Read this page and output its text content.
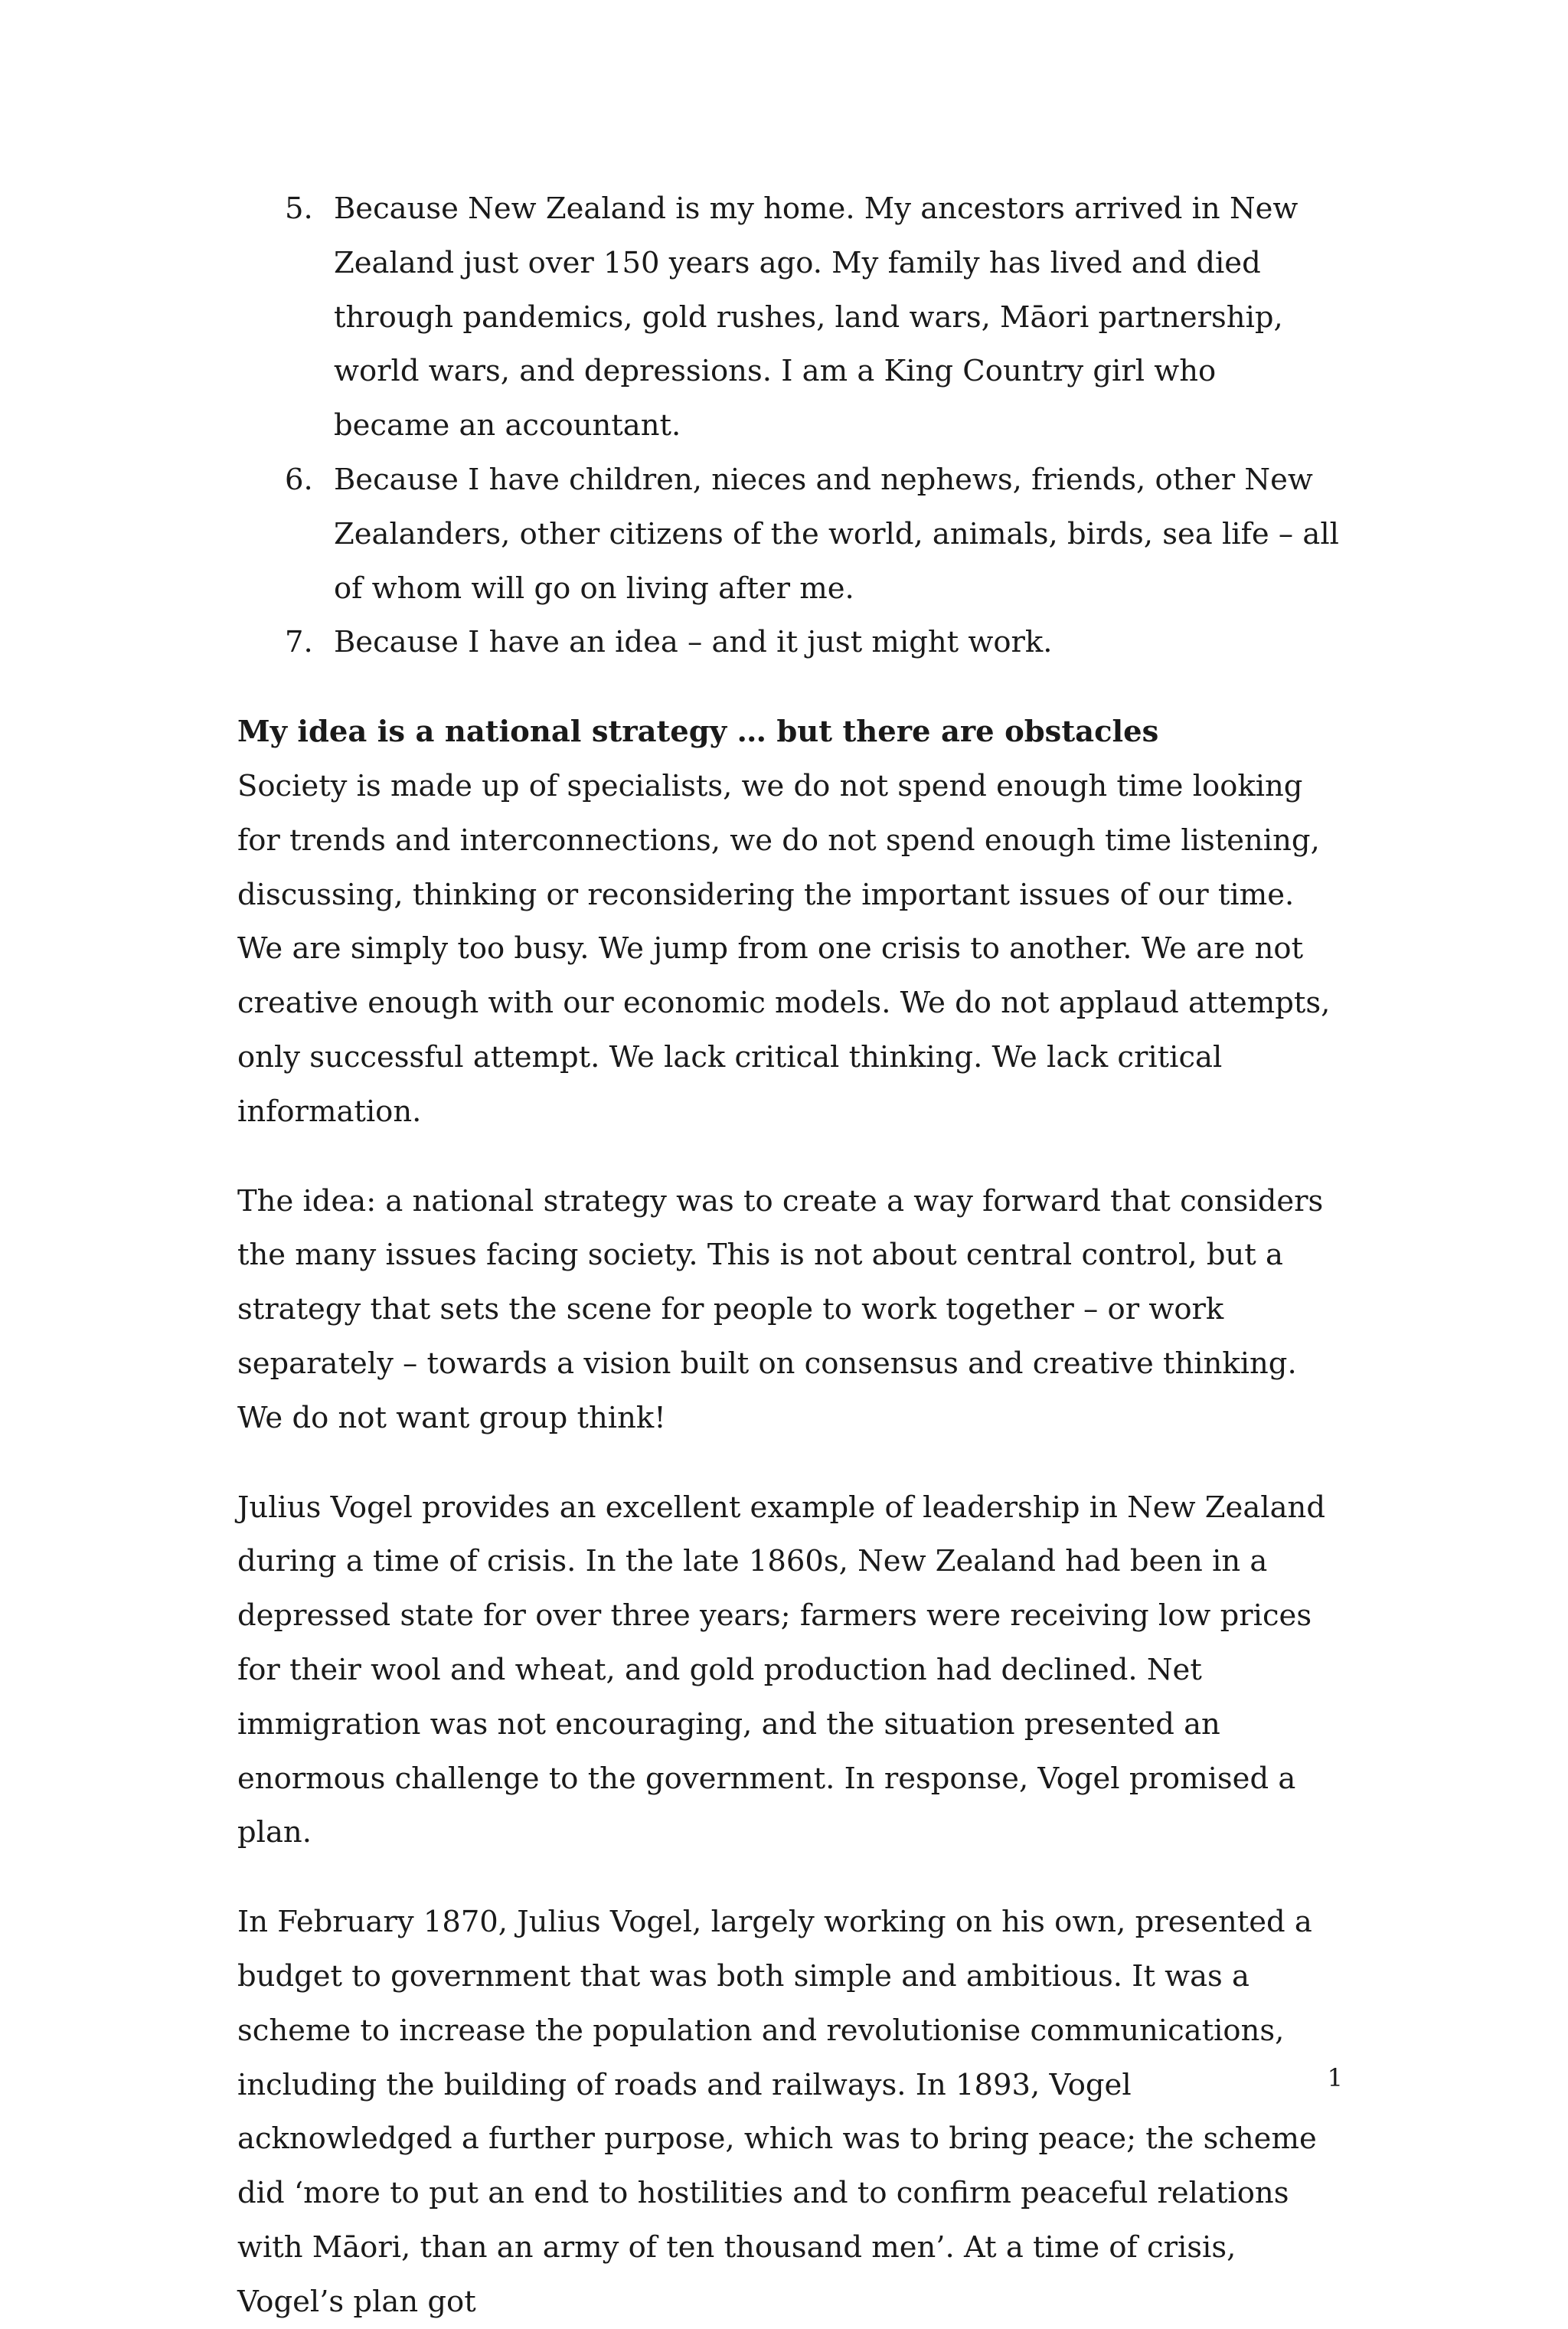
5. Because New Zealand is my home. My ancestors arrived in New Zealand just over 150 years ago. My family has lived and died through pandemics, gold rushes, land wars, Māori partnership, world wars, and depressions. I am a King Country girl who became an accountant.
6. Because I have children, nieces and nephews, friends, other New Zealanders, other citizens of the world, animals, birds, sea life – all of whom will go on living after me.
7. Because I have an idea – and it just might work.
My idea is a national strategy … but there are obstacles

Society is made up of specialists, we do not spend enough time looking for trends and interconnections, we do not spend enough time listening, discussing, thinking or reconsidering the important issues of our time. We are simply too busy. We jump from one crisis to another. We are not creative enough with our economic models. We do not applaud attempts, only successful attempt. We lack critical thinking. We lack critical information.

The idea: a national strategy was to create a way forward that considers the many issues facing society. This is not about central control, but a strategy that sets the scene for people to work together – or work separately – towards a vision built on consensus and creative thinking. We do not want group think!

Julius Vogel provides an excellent example of leadership in New Zealand during a time of crisis. In the late 1860s, New Zealand had been in a depressed state for over three years; farmers were receiving low prices for their wool and wheat, and gold production had declined. Net immigration was not encouraging, and the situation presented an enormous challenge to the government. In response, Vogel promised a plan.

In February 1870, Julius Vogel, largely working on his own, presented a budget to government that was both simple and ambitious. It was a scheme to increase the population and revolutionise communications, including the building of roads and railways. In 1893, Vogel acknowledged a further purpose, which was to bring peace; the scheme did ‘more to put an end to hostilities and to confirm peaceful relations with Māori, than an army of ten thousand men’. At a time of crisis, Vogel’s plan got

1
